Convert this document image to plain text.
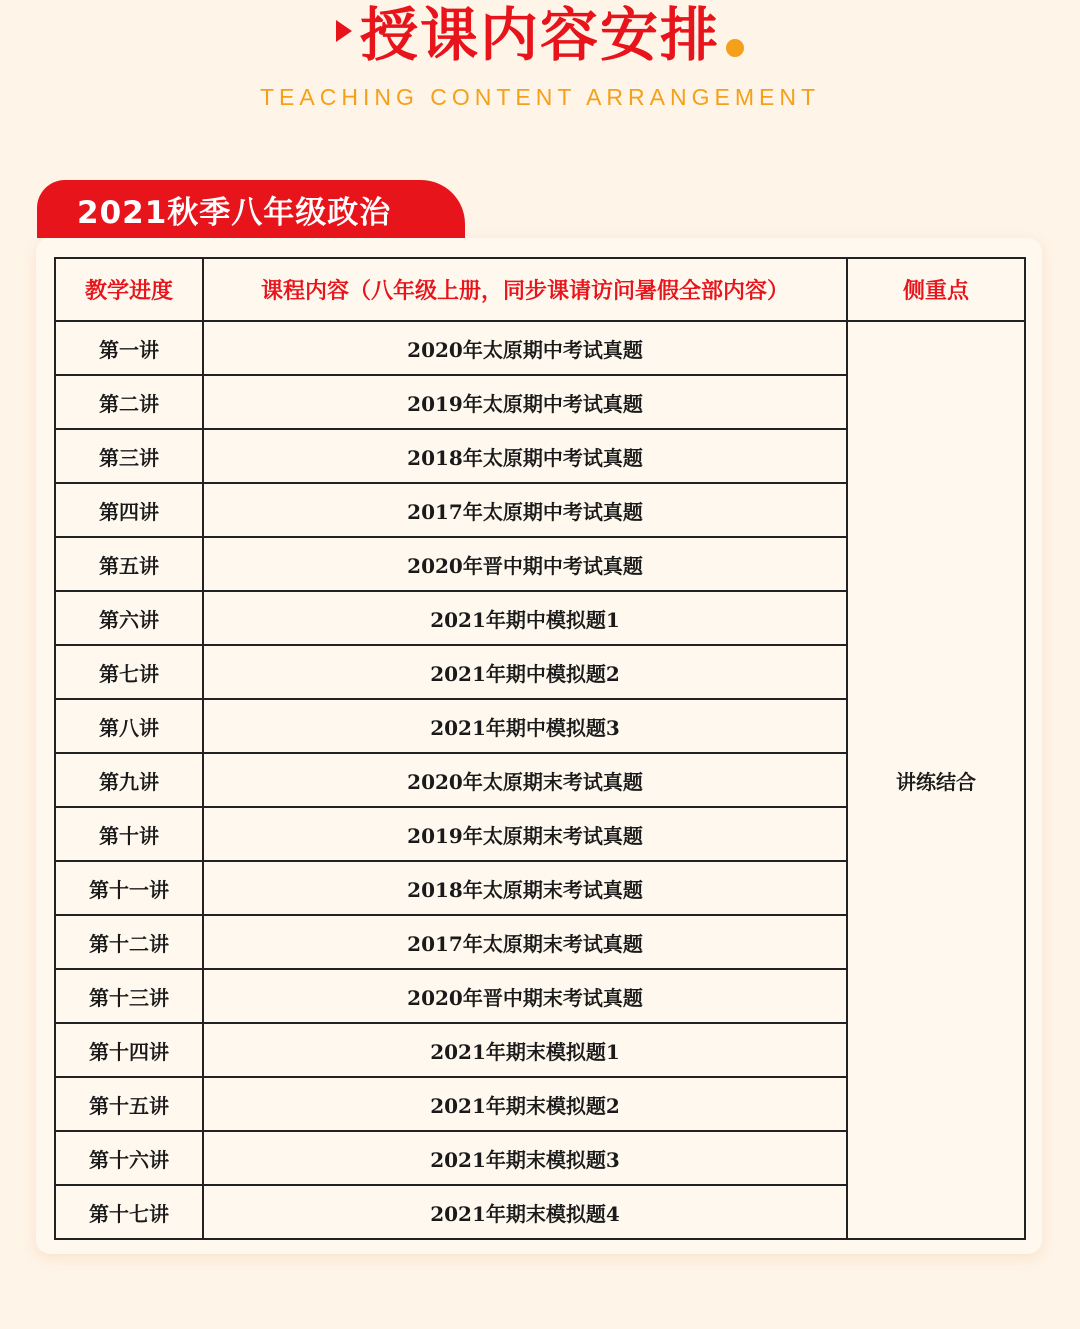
授课内容安排
TEACHING CONTENT ARRANGEMENT
2021秋季八年级政治
教学进度	课程内容（八年级上册，同步课请访问暑假全部内容）	侧重点
第一讲	2020年太原期中考试真题	讲练结合
第二讲	2019年太原期中考试真题	
第三讲	2018年太原期中考试真题	
第四讲	2017年太原期中考试真题	
第五讲	2020年晋中期中考试真题	
第六讲	2021年期中模拟题1	
第七讲	2021年期中模拟题2	
第八讲	2021年期中模拟题3	
第九讲	2020年太原期末考试真题	
第十讲	2019年太原期末考试真题	
第十一讲	2018年太原期末考试真题	
第十二讲	2017年太原期末考试真题	
第十三讲	2020年晋中期末考试真题	
第十四讲	2021年期末模拟题1	
第十五讲	2021年期末模拟题2	
第十六讲	2021年期末模拟题3	
第十七讲	2021年期末模拟题4	
